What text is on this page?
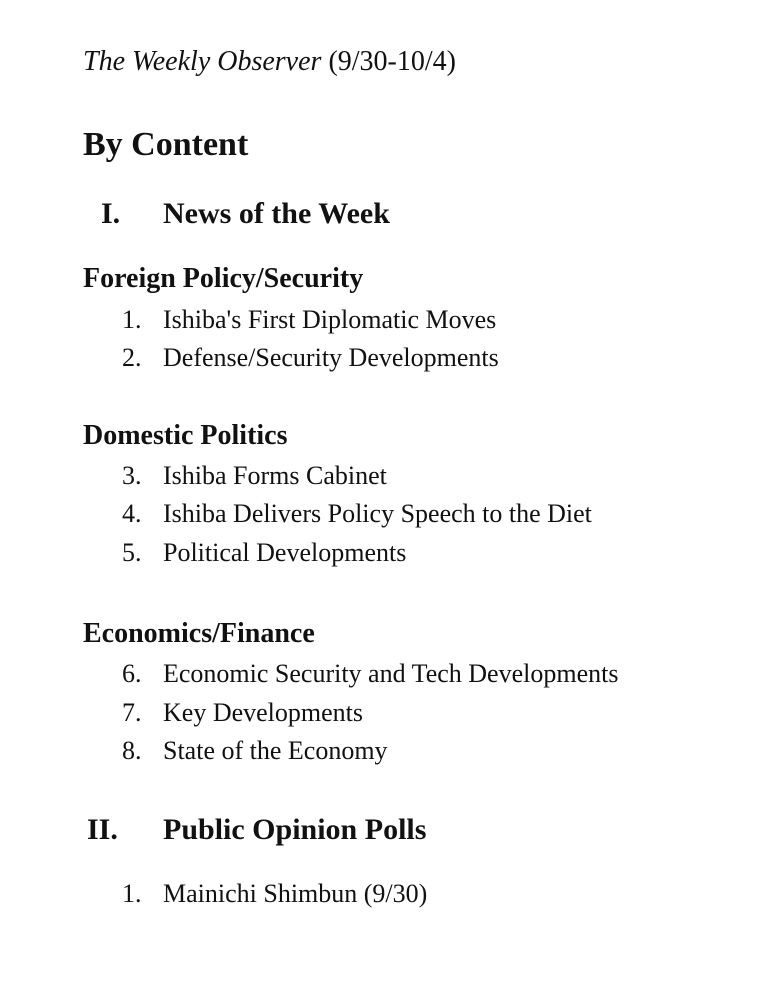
The Weekly Observer (9/30-10/4)
By Content
I. News of the Week
Foreign Policy/Security
1. Ishiba's First Diplomatic Moves
2. Defense/Security Developments
Domestic Politics
3. Ishiba Forms Cabinet
4. Ishiba Delivers Policy Speech to the Diet
5. Political Developments
Economics/Finance
6. Economic Security and Tech Developments
7. Key Developments
8. State of the Economy
II. Public Opinion Polls
1. Mainichi Shimbun (9/30)
